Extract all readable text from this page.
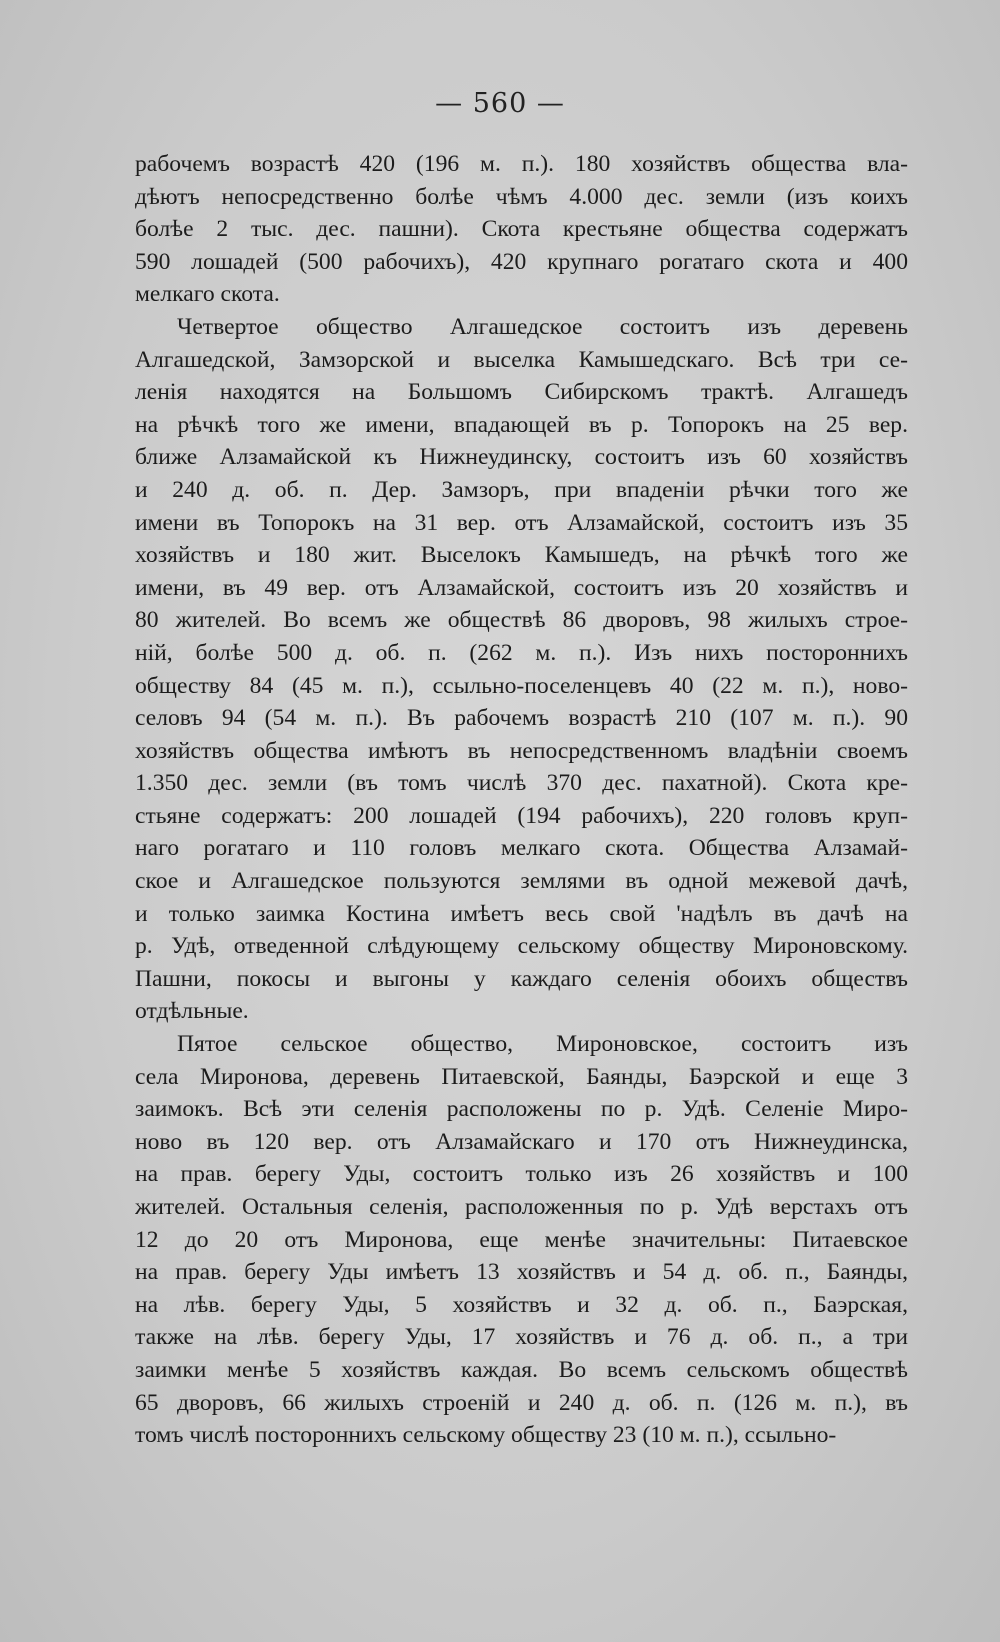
— 560 —
рабочемъ возрастѣ 420 (196 м. п.). 180 хозяйствъ общества вла-
дѣютъ непосредственно болѣе чѣмъ 4.000 дес. земли (изъ коихъ
болѣе 2 тыс. дес. пашни). Скота крестьяне общества содержатъ
590 лошадей (500 рабочихъ), 420 крупнаго рогатаго скота и 400
мелкаго скота.
Четвертое общество Алгашедское состоитъ изъ деревень
Алгашедской, Замзорской и выселка Камышедскаго. Всѣ три се-
ленія находятся на Большомъ Сибирскомъ трактѣ. Алгашедъ
на рѣчкѣ того же имени, впадающей въ р. Топорокъ на 25 вер.
ближе Алзамайской къ Нижнеудинску, состоитъ изъ 60 хозяйствъ
и 240 д. об. п. Дер. Замзоръ, при впаденіи рѣчки того же
имени въ Топорокъ на 31 вер. отъ Алзамайской, состоитъ изъ 35
хозяйствъ и 180 жит. Выселокъ Камышедъ, на рѣчкѣ того же
имени, въ 49 вер. отъ Алзамайской, состоитъ изъ 20 хозяйствъ и
80 жителей. Во всемъ же обществѣ 86 дворовъ, 98 жилыхъ строе-
ній, болѣе 500 д. об. п. (262 м. п.). Изъ нихъ постороннихъ
обществу 84 (45 м. п.), ссыльно-поселенцевъ 40 (22 м. п.), ново-
селовъ 94 (54 м. п.). Въ рабочемъ возрастѣ 210 (107 м. п.). 90
хозяйствъ общества имѣютъ въ непосредственномъ владѣніи своемъ
1.350 дес. земли (въ томъ числѣ 370 дес. пахатной). Скота кре-
стьяне содержатъ: 200 лошадей (194 рабочихъ), 220 головъ круп-
наго рогатаго и 110 головъ мелкаго скота. Общества Алзамай-
ское и Алгашедское пользуются землями въ одной межевой дачѣ,
и только заимка Костина имѣетъ весь свой 'надѣлъ въ дачѣ на
р. Удѣ, отведенной слѣдующему сельскому обществу Мироновскому.
Пашни, покосы и выгоны у каждаго селенія обоихъ обществъ
отдѣльные.
Пятое сельское общество, Мироновское, состоитъ изъ
села Миронова, деревень Питаевской, Баянды, Баэрской и еще 3
заимокъ. Всѣ эти селенія расположены по р. Удѣ. Селеніе Миро-
ново въ 120 вер. отъ Алзамайскаго и 170 отъ Нижнеудинска,
на прав. берегу Уды, состоитъ только изъ 26 хозяйствъ и 100
жителей. Остальныя селенія, расположенныя по р. Удѣ верстахъ отъ
12 до 20 отъ Миронова, еще менѣе значительны: Питаевское
на прав. берегу Уды имѣетъ 13 хозяйствъ и 54 д. об. п., Баянды,
на лѣв. берегу Уды, 5 хозяйствъ и 32 д. об. п., Баэрская,
также на лѣв. берегу Уды, 17 хозяйствъ и 76 д. об. п., а три
заимки менѣе 5 хозяйствъ каждая. Во всемъ сельскомъ обществѣ
65 дворовъ, 66 жилыхъ строеній и 240 д. об. п. (126 м. п.), въ
томъ числѣ постороннихъ сельскому обществу 23 (10 м. п.), ссыльно-
